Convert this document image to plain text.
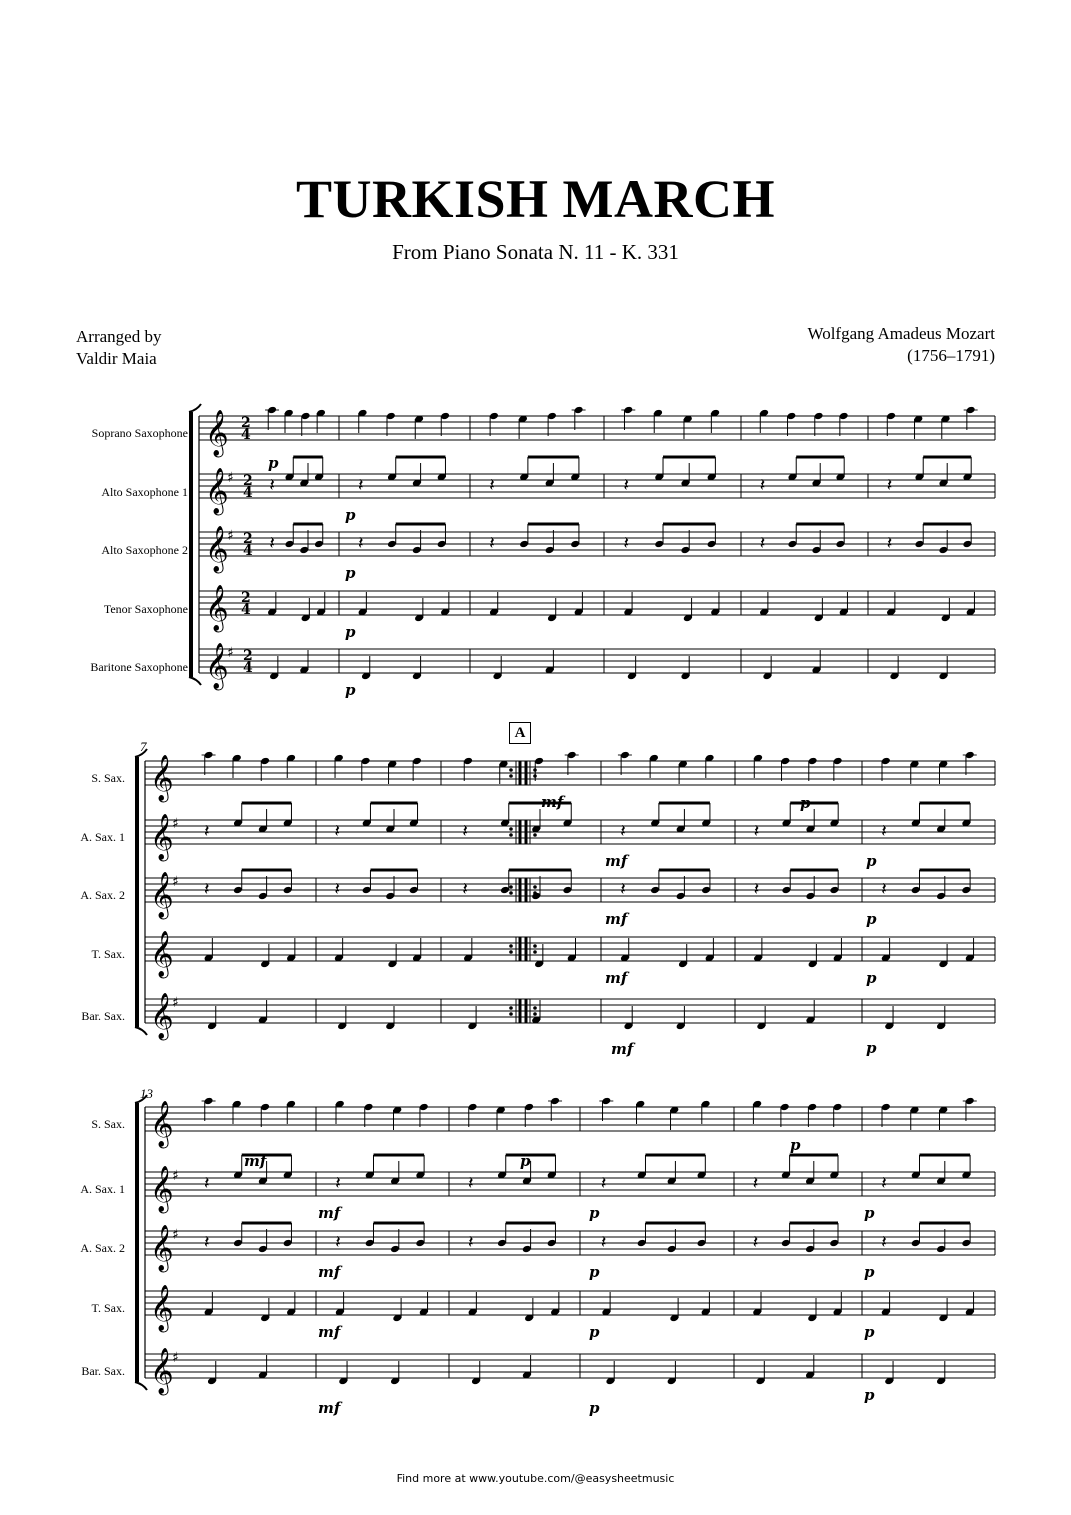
TURKISH MARCH
From Piano Sonata N. 11 - K. 331
Arranged by
Valdir Maia
Wolfgang Amadeus Mozart
(1756–1791)
Soprano Saxophone
Alto Saxophone 1
Alto Saxophone 2
Tenor Saxophone
Baritone Saxophone
S. Sax.
A. Sax. 1
A. Sax. 2
T. Sax.
Bar. Sax.
S. Sax.
A. Sax. 1
A. Sax. 2
T. Sax.
Bar. Sax.
7
13
A
𝄞 2
4
𝄞
♯ 2
4
𝄞
♯ 2
4
𝄞 2
4
𝄞
♯ 2
4
𝄞
𝄞
♯
𝄞
♯
𝄞
𝄞
♯
𝄞
𝄞
♯
𝄞
♯
𝄞
𝄞
♯
𝄽
𝄽
𝄽
𝄽
𝄽
𝄽
𝄽
𝄽
𝄽
𝄽
𝄽
𝄽
𝄽
𝄽
𝄽
𝄽
𝄽
𝄽
𝄽
𝄽
𝄽
𝄽
𝄽
𝄽
𝄽
𝄽
𝄽
𝄽
𝄽
𝄽
𝄽
𝄽
𝄽
𝄽
𝄽
𝄽
p
p
p
p
p
mf
mf
mf
mf
mf
p
p
p
p
p
mf
mf
mf
mf
mf
p
p
p
p
p
p
p
p
p
p
Find more at www.youtube.com/@easysheetmusic
